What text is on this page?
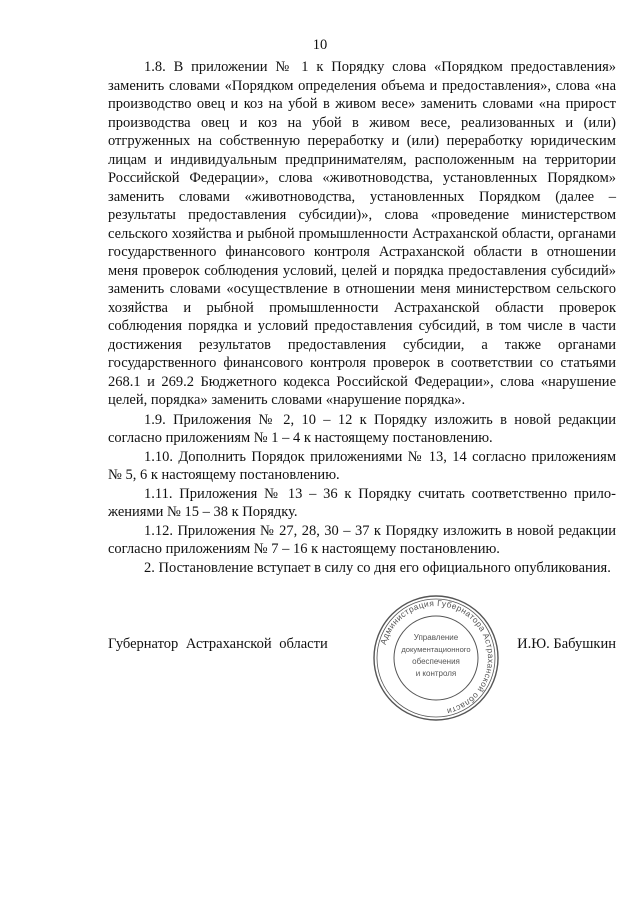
10

1.8. В приложении № 1 к Порядку слова «Порядком предоставления» заменить словами «Порядком определения объема и предоставления», слова «на производство овец и коз на убой в живом весе» заменить словами «на прирост производства овец и коз на убой в живом весе, реализованных и (или) отгруженных на собственную переработку и (или) переработку юридическим лицам и индивидуальным предпринимателям, расположенным на территории Российской Федерации», слова «животноводства, установленных Порядком» заменить словами «животноводства, установленных Порядком (далее – результаты предоставления субсидии)», слова «проведение министерством сельского хозяйства и рыбной промышленности Астраханской области, органами государственного финансового контроля Астраханской области в отношении меня проверок соблюдения условий, целей и порядка предоставления субсидий» заменить словами «осуществление в отношении меня министерством сельского хозяйства и рыбной промышленности Астраханской области проверок соблюдения порядка и условий предоставления субсидий, в том числе в части достижения результатов предоставления субсидии, а также органами государственного финансового контроля проверок в соответствии со статьями 268.1 и 269.2 Бюджетного кодекса Российской Федерации», слова «нарушение целей, порядка» заменить словами «нарушение порядка».

1.9. Приложения № 2, 10 – 12 к Порядку изложить в новой редакции согласно приложениям № 1 – 4 к настоящему постановлению.

1.10. Дополнить Порядок приложениями № 13, 14 согласно приложениям № 5, 6 к настоящему постановлению.

1.11. Приложения № 13 – 36 к Порядку считать соответственно приложениями № 15 – 38 к Порядку.

1.12. Приложения № 27, 28, 30 – 37 к Порядку изложить в новой редакции согласно приложениям № 7 – 16 к настоящему постановлению.

2. Постановление вступает в силу со дня его официального опубликования.

Губернатор Астраханской области	И.Ю. Бабушкин
Администрация Губернатора Астраханской области
Управление
документационного
обеспечения
и контроля
